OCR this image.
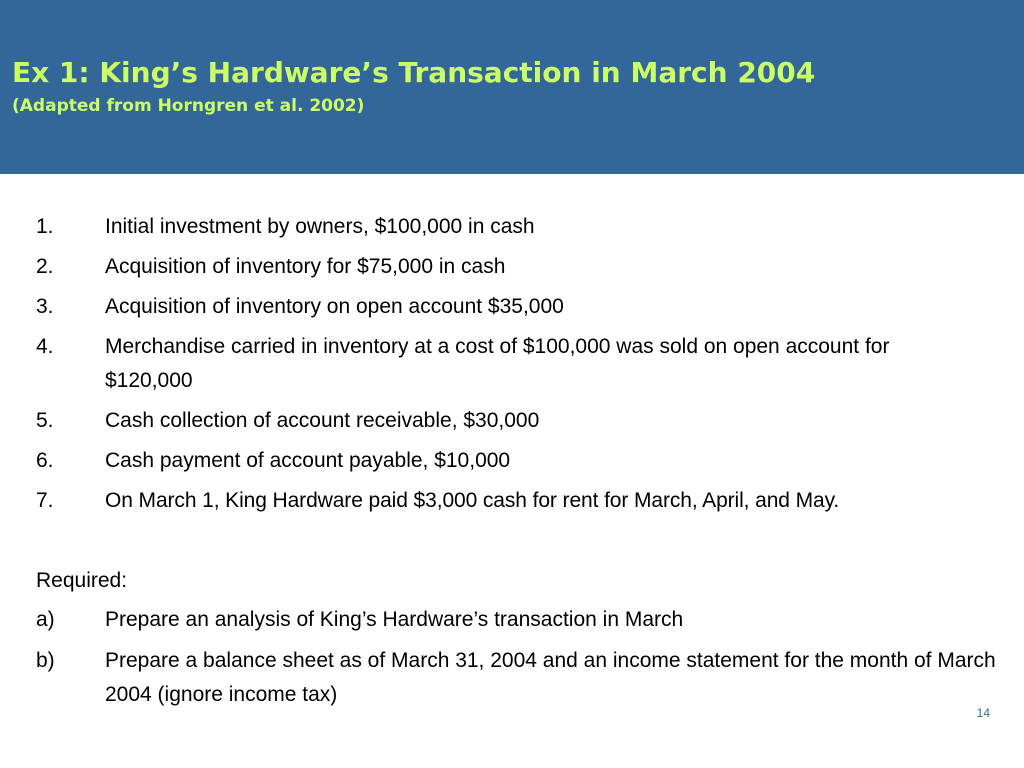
Ex 1: King’s Hardware’s Transaction in March 2004
(Adapted from Horngren et al. 2002)
1. Initial investment by owners, $100,000 in cash
2. Acquisition of inventory for $75,000 in cash
3. Acquisition of inventory on open account $35,000
4. Merchandise carried in inventory at a cost of $100,000 was sold on open account for $120,000
5. Cash collection of account receivable, $30,000
6. Cash payment of account payable, $10,000
7. On March 1, King Hardware paid $3,000 cash for rent for March, April, and May.
Required:
a) Prepare an analysis of King’s Hardware’s transaction in March
b) Prepare a balance sheet as of March 31, 2004 and an income statement for the month of March 2004 (ignore income tax)
14
